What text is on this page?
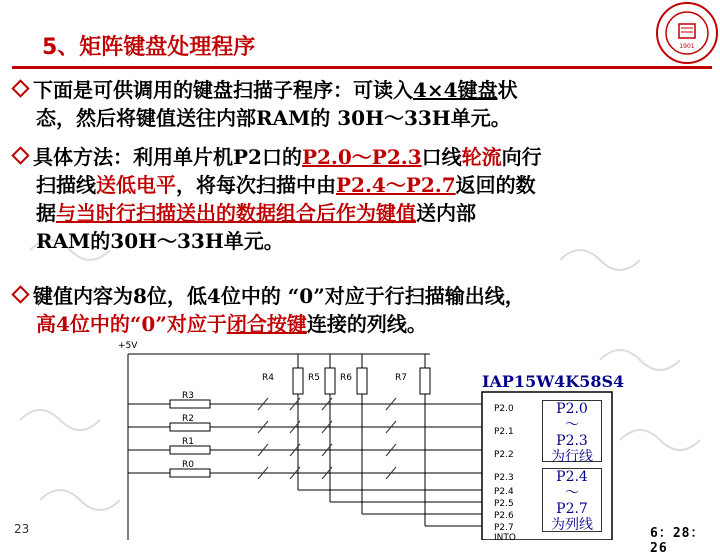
5、矩阵键盘处理程序	1901
下面是可供调用的键盘扫描子程序：可读入4×4键盘状
态，然后将键值送往内部RAM的 30H～33H单元。
具体方法：利用单片机P2口的P2.0～P2.3口线轮流向行
扫描线送低电平，将每次扫描中由P2.4～P2.7返回的数
据与当时行扫描送出的数据组合后作为键值送内部
RAM的30H～33H单元。
键值内容为8位，低4位中的 “0”对应于行扫描输出线，
高4位中的“0”对应于闭合按键连接的列线。
+5V
R4	R5 R6	R7
R3
R2
R1
R0
P2.0
P2.1
P2.2
P2.3
P2.4
P2.5
P2.6
P2.7
INTO
IAP15W4K58S4
P2.0
～
P2.3
为行线
P2.4
～
P2.7
为列线
23	6：28：26
